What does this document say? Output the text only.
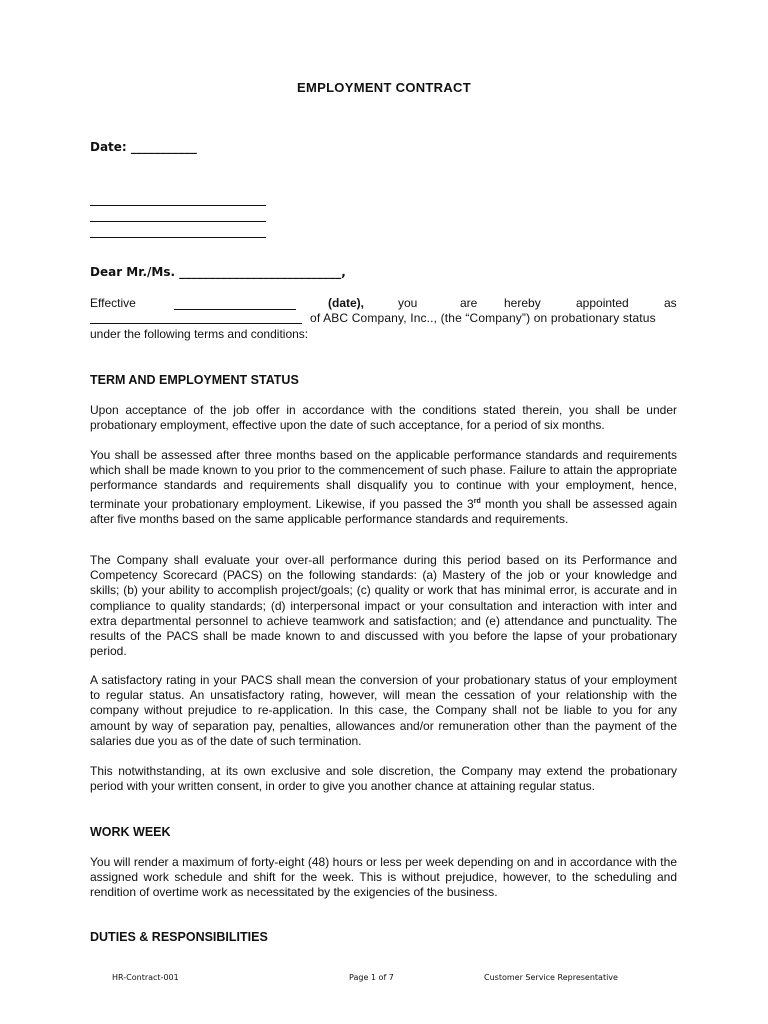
EMPLOYMENT CONTRACT
Date: ___________
Dear Mr./Ms. ___________________________,
Effective	(date),	you	are hereby	appointed	as
of ABC Company, Inc.., (the “Company”) on probationary status
under the following terms and conditions:
TERM AND EMPLOYMENT STATUS

Upon acceptance of the job offer in accordance with the conditions stated therein, you shall be under probationary employment, effective upon the date of such acceptance, for a period of six months.

You shall be assessed after three months based on the applicable performance standards and requirements which shall be made known to you prior to the commencement of such phase. Failure to attain the appropriate performance standards and requirements shall disqualify you to continue with your employment, hence, terminate your probationary employment. Likewise, if you passed the 3rd month you shall be assessed again after five months based on the same applicable performance standards and requirements.

The Company shall evaluate your over-all performance during this period based on its Performance and Competency Scorecard (PACS) on the following standards: (a) Mastery of the job or your knowledge and skills; (b) your ability to accomplish project/goals; (c) quality or work that has minimal error, is accurate and in compliance to quality standards; (d) interpersonal impact or your consultation and interaction with inter and extra departmental personnel to achieve teamwork and satisfaction; and (e) attendance and punctuality. The results of the PACS shall be made known to and discussed with you before the lapse of your probationary period.

A satisfactory rating in your PACS shall mean the conversion of your probationary status of your employment to regular status. An unsatisfactory rating, however, will mean the cessation of your relationship with the company without prejudice to re-application. In this case, the Company shall not be liable to you for any amount by way of separation pay, penalties, allowances and/or remuneration other than the payment of the salaries due you as of the date of such termination.

This notwithstanding, at its own exclusive and sole discretion, the Company may extend the probationary period with your written consent, in order to give you another chance at attaining regular status.

WORK WEEK

You will render a maximum of forty-eight (48) hours or less per week depending on and in accordance with the assigned work schedule and shift for the week. This is without prejudice, however, to the scheduling and rendition of overtime work as necessitated by the exigencies of the business.

DUTIES & RESPONSIBILITIES
HR-Contract-001	Page 1 of 7	Customer Service Representative
